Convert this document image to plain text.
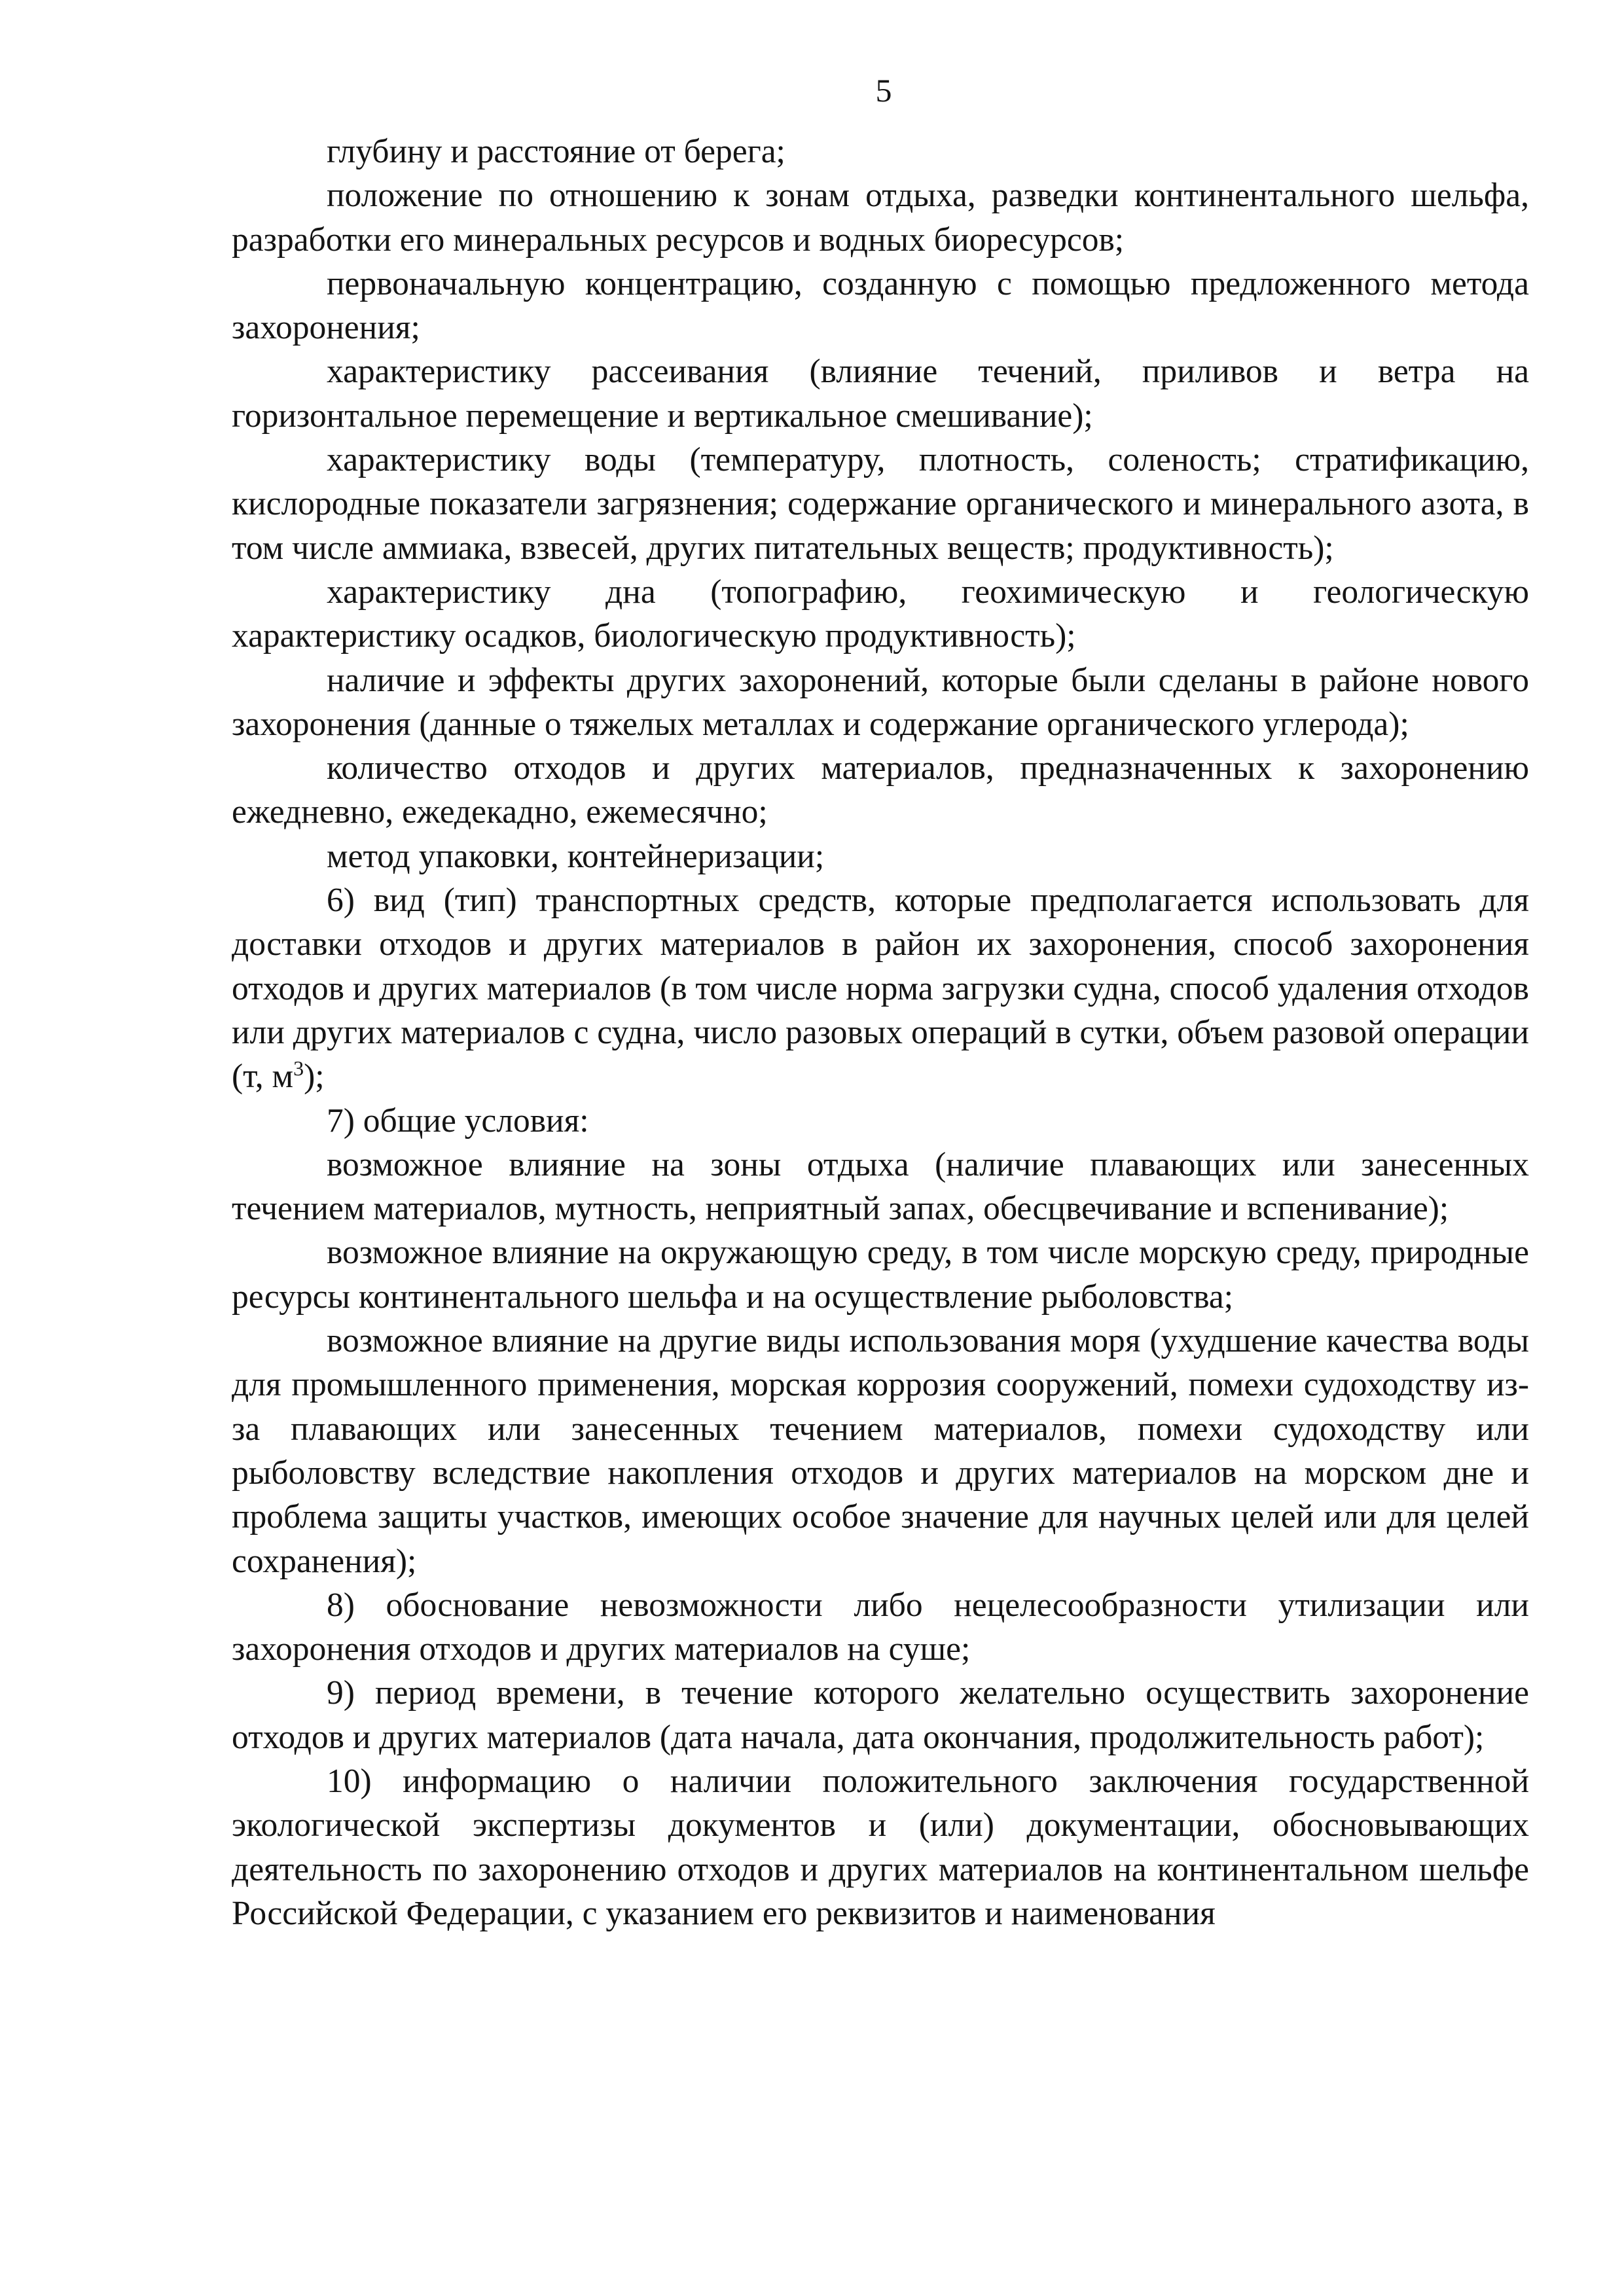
5

глубину и расстояние от берега;

положение по отношению к зонам отдыха, разведки континентального шельфа, разработки его минеральных ресурсов и водных биоресурсов;

первоначальную концентрацию, созданную с помощью предложенного метода захоронения;

характеристику рассеивания (влияние течений, приливов и ветра на горизонтальное перемещение и вертикальное смешивание);

характеристику воды (температуру, плотность, соленость; стратификацию, кислородные показатели загрязнения; содержание органического и минерального азота, в том числе аммиака, взвесей, других питательных веществ; продуктивность);

характеристику дна (топографию, геохимическую и геологическую характеристику осадков, биологическую продуктивность);

наличие и эффекты других захоронений, которые были сделаны в районе нового захоронения (данные о тяжелых металлах и содержание органического углерода);

количество отходов и других материалов, предназначенных к захоронению ежедневно, ежедекадно, ежемесячно;

метод упаковки, контейнеризации;

6) вид (тип) транспортных средств, которые предполагается использовать для доставки отходов и других материалов в район их захоронения, способ захоронения отходов и других материалов (в том числе норма загрузки судна, способ удаления отходов или других материалов с судна, число разовых операций в сутки, объем разовой операции (т, $м^3$);

7) общие условия:

возможное влияние на зоны отдыха (наличие плавающих или занесенных течением материалов, мутность, неприятный запах, обесцвечивание и вспенивание);

возможное влияние на окружающую среду, в том числе морскую среду, природные ресурсы континентального шельфа и на осуществление рыболовства;

возможное влияние на другие виды использования моря (ухудшение качества воды для промышленного применения, морская коррозия сооружений, помехи судоходству из-за плавающих или занесенных течением материалов, помехи судоходству или рыболовству вследствие накопления отходов и других материалов на морском дне и проблема защиты участков, имеющих особое значение для научных целей или для целей сохранения);

8) обоснование невозможности либо нецелесообразности утилизации или захоронения отходов и других материалов на суше;

9) период времени, в течение которого желательно осуществить захоронение отходов и других материалов (дата начала, дата окончания, продолжительность работ);

10) информацию о наличии положительного заключения государственной экологической экспертизы документов и (или) документации, обосновывающих деятельность по захоронению отходов и других материалов на континентальном шельфе Российской Федерации, с указанием его реквизитов и наименования
